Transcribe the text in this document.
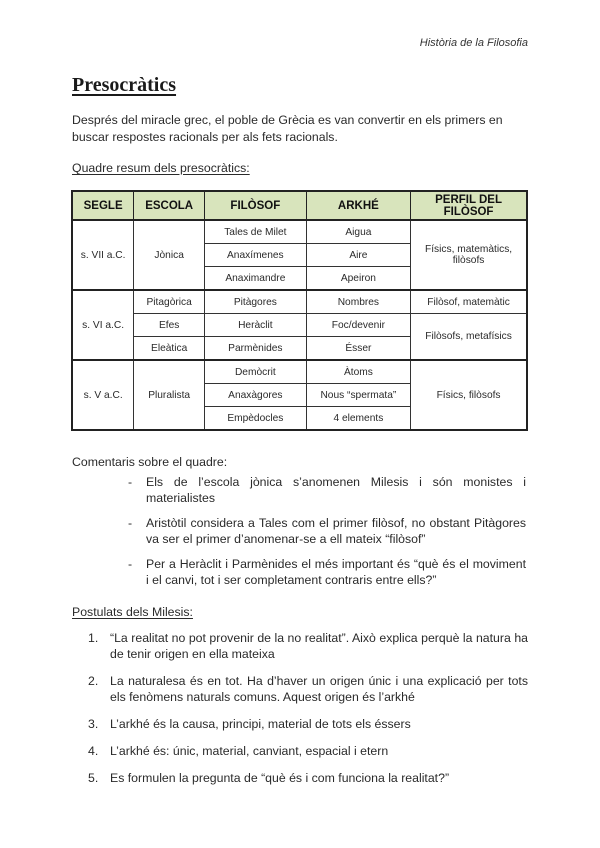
Història de la Filosofia
Presocràtics

Després del miracle grec, el poble de Grècia es van convertir en els primers en buscar respostes racionals per als fets racionals.

Quadre resum dels presocràtics:

SEGLE	ESCOLA	FILÒSOF	ARKHÉ	PERFIL DEL FILÒSOF
s. VII a.C.	Jònica	Tales de Milet	Aigua	Físics, matemàtics, filòsofs
		Anaxímenes	Aire	
		Anaximandre	Apeiron	
s. VI a.C.	Pitagòrica	Pitàgores	Nombres	Filòsof, matemàtic
	Efes	Heràclit	Foc/devenir	Filòsofs, metafísics
	Eleàtica	Parmènides	Ésser	
s. V a.C.	Pluralista	Demòcrit	Àtoms	Físics, filòsofs
		Anaxàgores	Nous “spermata”	
		Empèdocles	4 elements	

Comentaris sobre el quadre:

- Els de l’escola jònica s’anomenen Milesis i són monistes i materialistes
- Aristòtil considera a Tales com el primer filòsof, no obstant Pitàgores va ser el primer d’anomenar-se a ell mateix “filòsof”
- Per a Heràclit i Parmènides el més important és “què és el moviment i el canvi, tot i ser completament contraris entre ells?”

Postulats dels Milesis:

1. “La realitat no pot provenir de la no realitat”. Això explica perquè la natura ha de tenir origen en ella mateixa
2. La naturalesa és en tot. Ha d’haver un origen únic i una explicació per tots els fenòmens naturals comuns. Aquest origen és l’arkhé
3. L’arkhé és la causa, principi, material de tots els éssers
4. L’arkhé és: únic, material, canviant, espacial i etern
5. Es formulen la pregunta de “què és i com funciona la realitat?”
